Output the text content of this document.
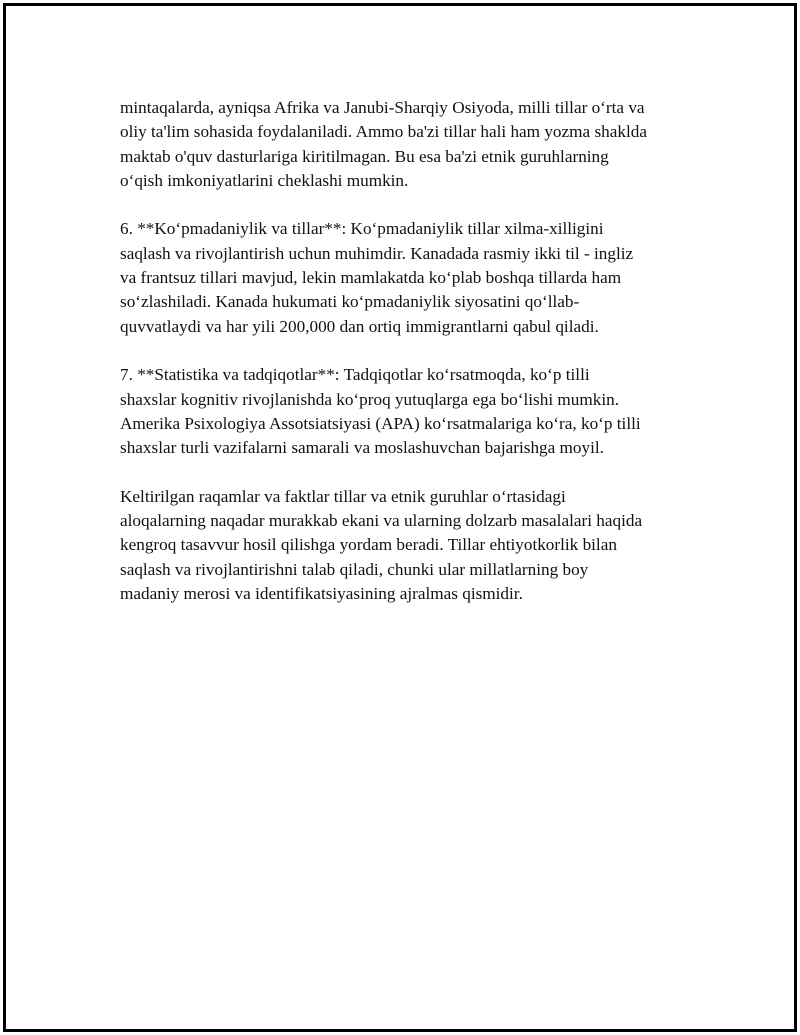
mintaqalarda, ayniqsa Afrika va Janubi-Sharqiy Osiyoda, milli tillar o‘rta va
oliy ta'lim sohasida foydalaniladi. Ammo ba'zi tillar hali ham yozma shaklda
maktab o'quv dasturlariga kiritilmagan. Bu esa ba'zi etnik guruhlarning
o‘qish imkoniyatlarini cheklashi mumkin.

6. **Ko‘pmadaniylik va tillar**: Ko‘pmadaniylik tillar xilma-xilligini
saqlash va rivojlantirish uchun muhimdir. Kanadada rasmiy ikki til - ingliz
va frantsuz tillari mavjud, lekin mamlakatda ko‘plab boshqa tillarda ham
so‘zlashiladi. Kanada hukumati ko‘pmadaniylik siyosatini qo‘llab-
quvvatlaydi va har yili 200,000 dan ortiq immigrantlarni qabul qiladi.

7. **Statistika va tadqiqotlar**: Tadqiqotlar ko‘rsatmoqda, ko‘p tilli
shaxslar kognitiv rivojlanishda ko‘proq yutuqlarga ega bo‘lishi mumkin.
Amerika Psixologiya Assotsiatsiyasi (APA) ko‘rsatmalariga ko‘ra, ko‘p tilli
shaxslar turli vazifalarni samarali va moslashuvchan bajarishga moyil.

Keltirilgan raqamlar va faktlar tillar va etnik guruhlar o‘rtasidagi
aloqalarning naqadar murakkab ekani va ularning dolzarb masalalari haqida
kengroq tasavvur hosil qilishga yordam beradi. Tillar ehtiyotkorlik bilan
saqlash va rivojlantirishni talab qiladi, chunki ular millatlarning boy
madaniy merosi va identifikatsiyasining ajralmas qismidir.
